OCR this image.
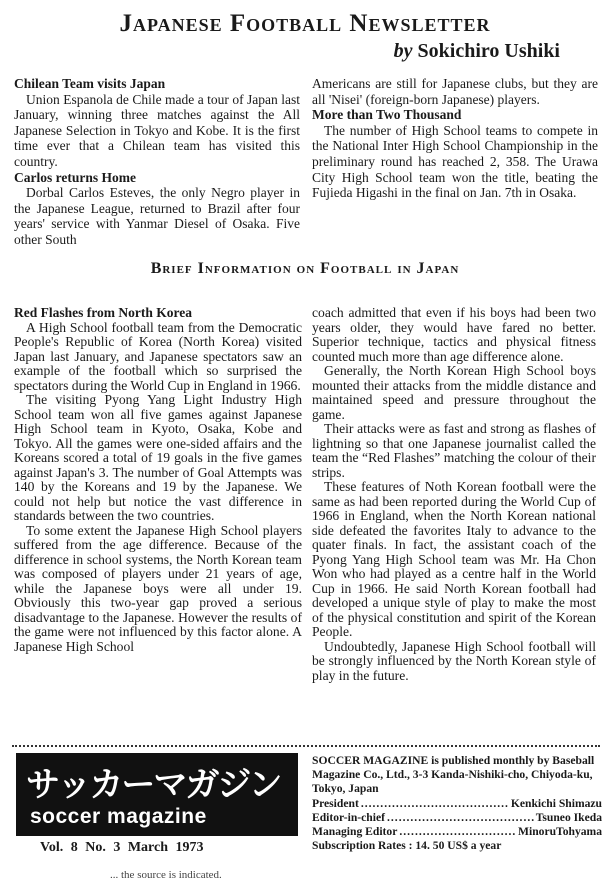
Japanese Football Newsletter
by Sokichiro Ushiki
Chilean Team visits Japan
Union Espanola de Chile made a tour of Japan last January, winning three matches against the All Japanese Selection in Tokyo and Kobe. It is the first time ever that a Chilean team has visited this country.
Carlos returns Home
Dorbal Carlos Esteves, the only Negro player in the Japanese League, returned to Brazil after four years' service with Yanmar Diesel of Osaka. Five other South
Americans are still for Japanese clubs, but they are all 'Nisei' (foreign-born Japanese) players.
More than Two Thousand
The number of High School teams to compete in the National Inter High School Championship in the preliminary round has reached 2, 358. The Urawa City High School team won the title, beating the Fujieda Higashi in the final on Jan. 7th in Osaka.
Brief Information on Football in Japan
Red Flashes from North Korea
A High School football team from the Democratic People's Republic of Korea (North Korea) visited Japan last January, and Japanese spectators saw an example of the football which so surprised the spectators during the World Cup in England in 1966.
The visiting Pyong Yang Light Industry High School team won all five games against Japanese High School team in Kyoto, Osaka, Kobe and Tokyo. All the games were one-sided affairs and the Koreans scored a total of 19 goals in the five games against Japan's 3. The number of Goal Attempts was 140 by the Koreans and 19 by the Japanese. We could not help but notice the vast difference in standards between the two countries.
To some extent the Japanese High School players suffered from the age difference. Because of the difference in school systems, the North Korean team was composed of players under 21 years of age, while the Japanese boys were all under 19. Obviously this two-year gap proved a serious disadvantage to the Japanese. However the results of the game were not influenced by this factor alone. A Japanese High School
coach admitted that even if his boys had been two years older, they would have fared no better. Superior technique, tactics and physical fitness counted much more than age difference alone.
Generally, the North Korean High School boys mounted their attacks from the middle distance and maintained speed and pressure throughout the game.
Their attacks were as fast and strong as flashes of lightning so that one Japanese journalist called the team the “Red Flashes” matching the colour of their strips.
These features of Noth Korean football were the same as had been reported during the World Cup of 1966 in England, when the North Korean national side defeated the favorites Italy to advance to the quater finals. In fact, the assistant coach of the Pyong Yang High School team was Mr. Ha Chon Won who had played as a centre half in the World Cup in 1966. He said North Korean football had developed a unique style of play to make the most of the physical constitution and spirit of the Korean People.
Undoubtedly, Japanese High School football will be strongly influenced by the North Korean style of play in the future.
サッカーマガジン
soccer magazine
Vol. 8 No. 3 March 1973
SOCCER MAGAZINE is published monthly by Baseball Magazine Co., Ltd., 3-3 Kanda-Nishiki-cho, Chiyoda-ku, Tokyo, Japan
President .....	Kenkichi Shimazu
Editor-in-chief .....	Tsuneo Ikeda
Managing Editor .....	MinoruTohyama
Subscription Rates : 14. 50 US$ a year
... the source is indicated.
